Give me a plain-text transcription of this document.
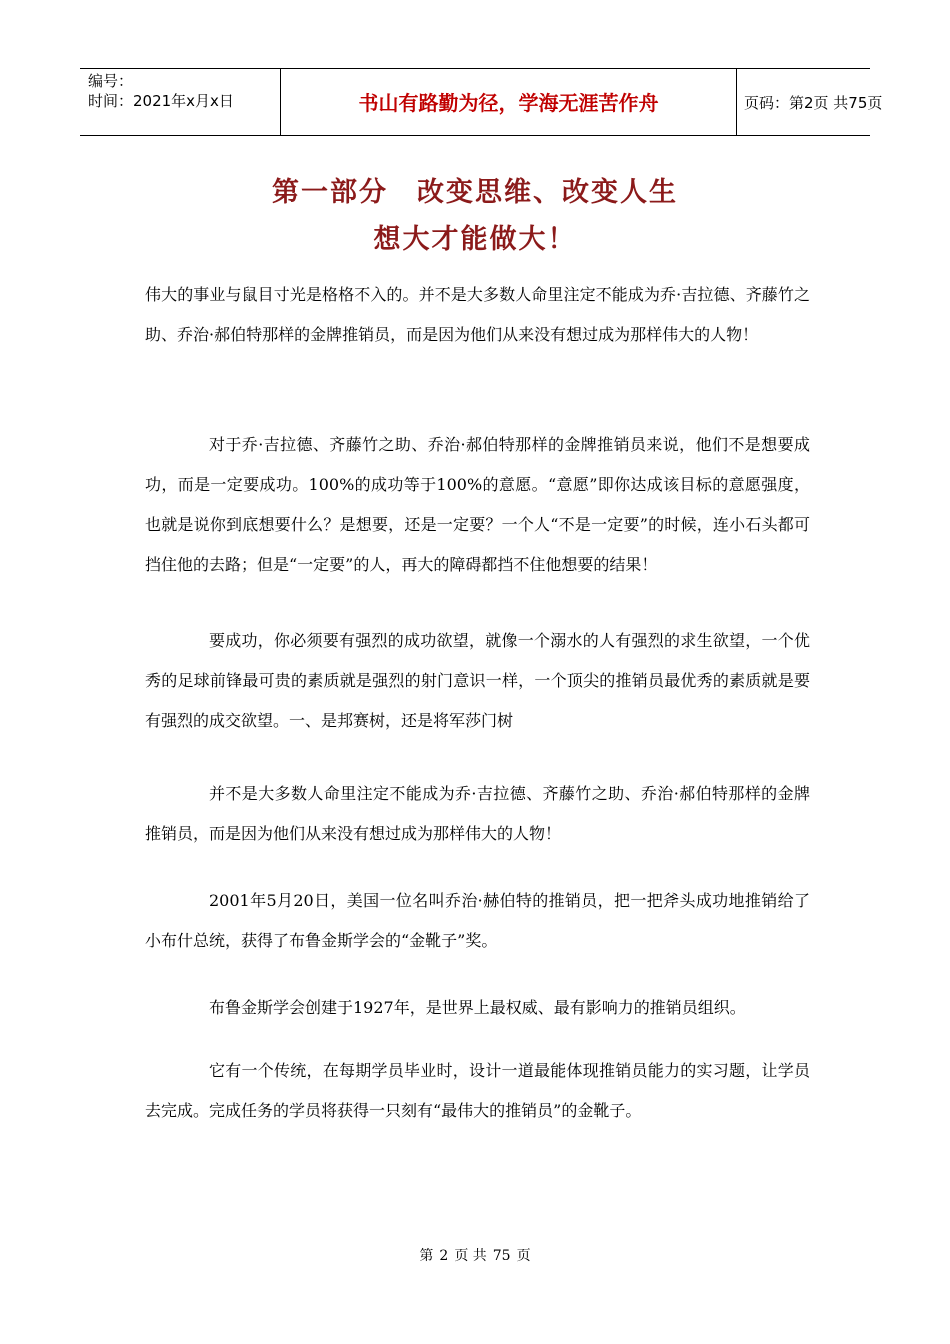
编号：
时间：2021年x月x日	书山有路勤为径，学海无涯苦作舟	页码：第2页 共75页
第一部分　改变思维、改变人生
想大才能做大！
伟大的事业与鼠目寸光是格格不入的。并不是大多数人命里注定不能成为乔·吉拉德、齐藤竹之助、乔治·郝伯特那样的金牌推销员，而是因为他们从来没有想过成为那样伟大的人物！
对于乔·吉拉德、齐藤竹之助、乔治·郝伯特那样的金牌推销员来说，他们不是想要成功，而是一定要成功。100%的成功等于100%的意愿。“意愿”即你达成该目标的意愿强度，也就是说你到底想要什么？是想要，还是一定要？一个人“不是一定要”的时候，连小石头都可挡住他的去路；但是“一定要”的人，再大的障碍都挡不住他想要的结果！
要成功，你必须要有强烈的成功欲望，就像一个溺水的人有强烈的求生欲望，一个优秀的足球前锋最可贵的素质就是强烈的射门意识一样，一个顶尖的推销员最优秀的素质就是要有强烈的成交欲望。一、是邦赛树，还是将军莎门树
并不是大多数人命里注定不能成为乔·吉拉德、齐藤竹之助、乔治·郝伯特那样的金牌推销员，而是因为他们从来没有想过成为那样伟大的人物！
2001年5月20日，美国一位名叫乔治·赫伯特的推销员，把一把斧头成功地推销给了小布什总统，获得了布鲁金斯学会的“金靴子”奖。
布鲁金斯学会创建于1927年，是世界上最权威、最有影响力的推销员组织。
它有一个传统，在每期学员毕业时，设计一道最能体现推销员能力的实习题，让学员去完成。完成任务的学员将获得一只刻有“最伟大的推销员”的金靴子。
第 2 页 共 75 页
